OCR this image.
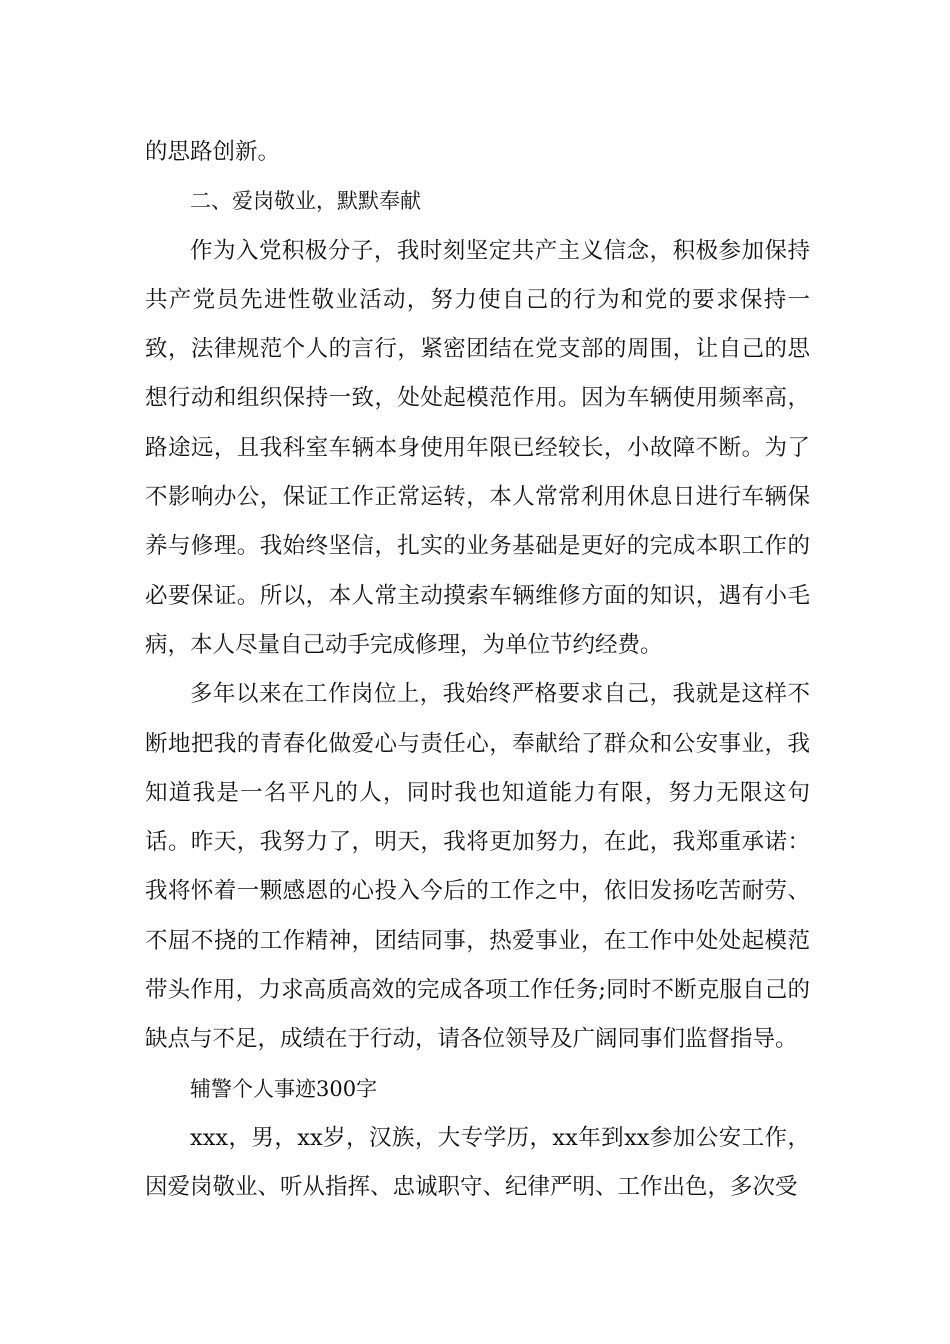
的思路创新。

二、爱岗敬业，默默奉献

作为入党积极分子，我时刻坚定共产主义信念，积极参加保持共产党员先进性敬业活动，努力使自己的行为和党的要求保持一致，法律规范个人的言行，紧密团结在党支部的周围，让自己的思想行动和组织保持一致，处处起模范作用。因为车辆使用频率高，路途远，且我科室车辆本身使用年限已经较长，小故障不断。为了不影响办公，保证工作正常运转，本人常常利用休息日进行车辆保养与修理。我始终坚信，扎实的业务基础是更好的完成本职工作的必要保证。所以，本人常主动摸索车辆维修方面的知识，遇有小毛病，本人尽量自己动手完成修理，为单位节约经费。

多年以来在工作岗位上，我始终严格要求自己，我就是这样不断地把我的青春化做爱心与责任心，奉献给了群众和公安事业，我知道我是一名平凡的人，同时我也知道能力有限，努力无限这句话。昨天，我努力了，明天，我将更加努力，在此，我郑重承诺：我将怀着一颗感恩的心投入今后的工作之中，依旧发扬吃苦耐劳、不屈不挠的工作精神，团结同事，热爱事业，在工作中处处起模范带头作用，力求高质高效的完成各项工作任务;同时不断克服自己的缺点与不足，成绩在于行动，请各位领导及广阔同事们监督指导。

辅警个人事迹300字

xxx，男，xx岁，汉族，大专学历，xx年到xx参加公安工作，因爱岗敬业、听从指挥、忠诚职守、纪律严明、工作出色，多次受
